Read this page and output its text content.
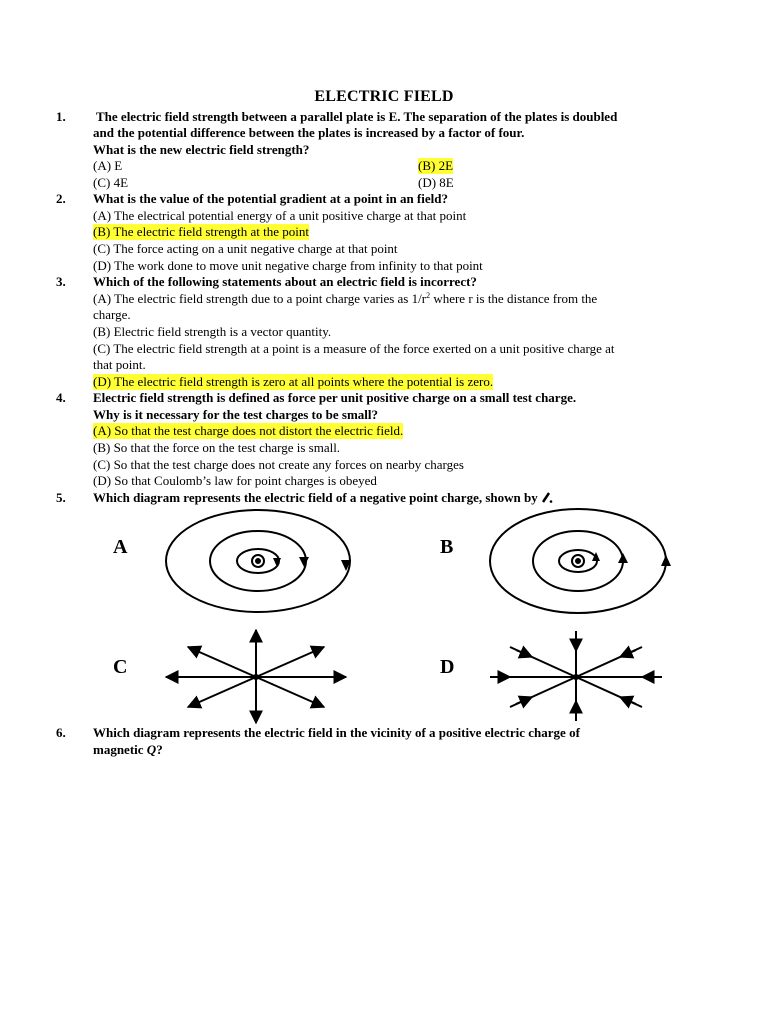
ELECTRIC FIELD
1. The electric field strength between a parallel plate is E. The separation of the plates is doubled
and the potential difference between the plates is increased by a factor of four.
What is the new electric field strength?
(A) E	(B) 2E
(C) 4E	(D) 8E
2. What is the value of the potential gradient at a point in an field?
(A) The electrical potential energy of a unit positive charge at that point
(B) The electric field strength at the point
(C) The force acting on a unit negative charge at that point
(D) The work done to move unit negative charge from infinity to that point
3. Which of the following statements about an electric field is incorrect?
(A) The electric field strength due to a point charge varies as $1/r^2$ where r is the distance from the
charge.
(B) Electric field strength is a vector quantity.
(C) The electric field strength at a point is a measure of the force exerted on a unit positive charge at
that point.
(D) The electric field strength is zero at all points where the potential is zero.
4. Electric field strength is defined as force per unit positive charge on a small test charge.
Why is it necessary for the test charges to be small?
(A) So that the test charge does not distort the electric field.
(B) So that the force on the test charge is small.
(C) So that the test charge does not create any forces on nearby charges
(D) So that Coulomb’s law for point charges is obeyed
5. Which diagram represents the electric field of a negative point charge, shown by
A	B
C	D
6. Which diagram represents the electric field in the vicinity of a positive electric charge of
magnetic Q?
